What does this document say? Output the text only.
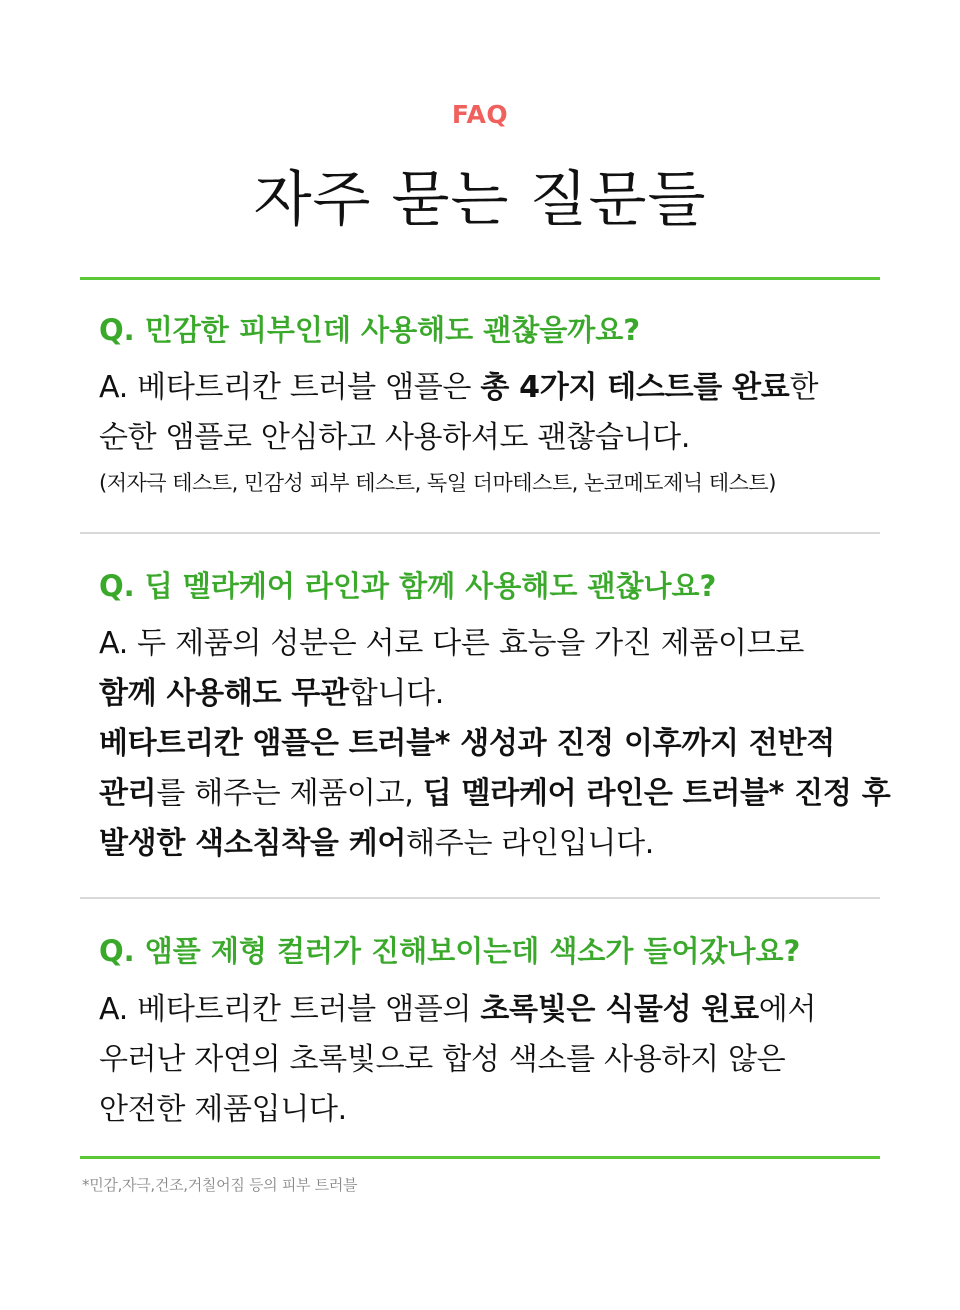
FAQ
자주 묻는 질문들
Q. 민감한 피부인데 사용해도 괜찮을까요?
A. 베타트리칸 트러블 앰플은 총 4가지 테스트를 완료한
순한 앰플로 안심하고 사용하셔도 괜찮습니다.
(저자극 테스트, 민감성 피부 테스트, 독일 더마테스트, 논코메도제닉 테스트)
Q. 딥 멜라케어 라인과 함께 사용해도 괜찮나요?
A. 두 제품의 성분은 서로 다른 효능을 가진 제품이므로
함께 사용해도 무관합니다.
베타트리칸 앰플은 트러블* 생성과 진정 이후까지 전반적
관리를 해주는 제품이고, 딥 멜라케어 라인은 트러블* 진정 후
발생한 색소침착을 케어해주는 라인입니다.
Q. 앰플 제형 컬러가 진해보이는데 색소가 들어갔나요?
A. 베타트리칸 트러블 앰플의 초록빛은 식물성 원료에서
우러난 자연의 초록빛으로 합성 색소를 사용하지 않은
안전한 제품입니다.
*민감,자극,건조,거칠어짐 등의 피부 트러블
